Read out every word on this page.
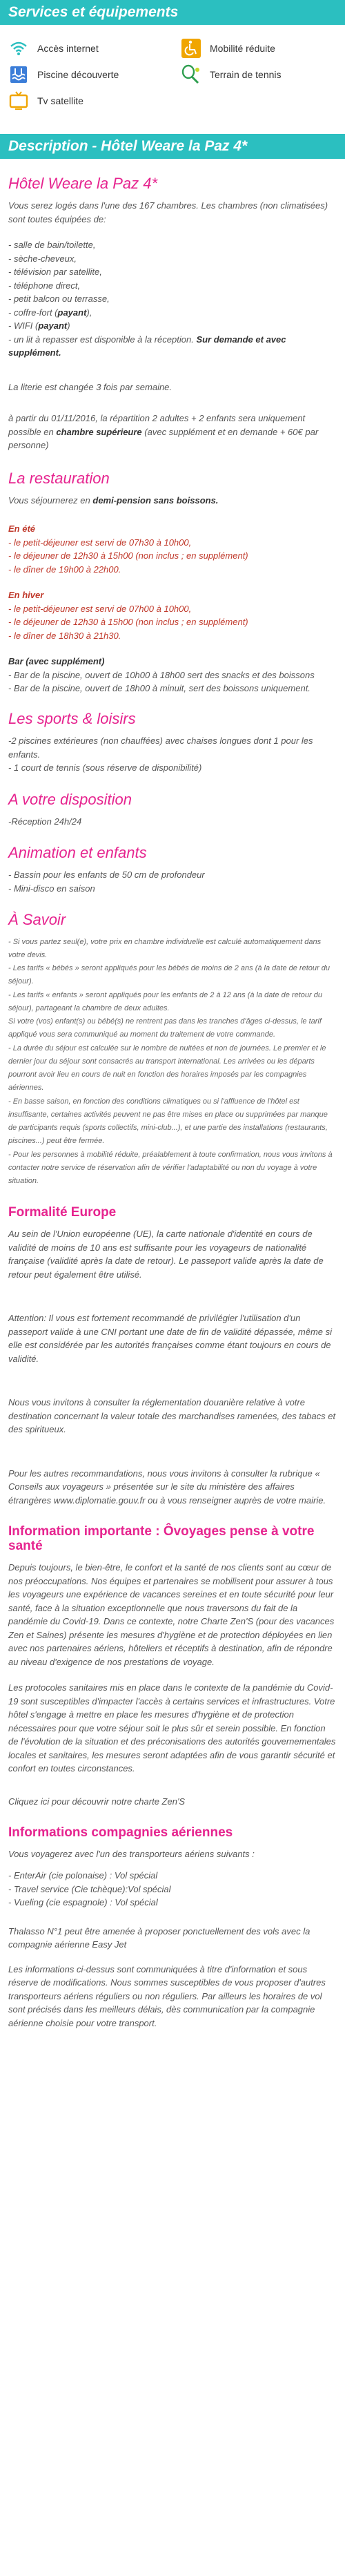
Services et équipements
Accès internet	Mobilité réduite
Piscine découverte	Terrain de tennis
Tv satellite
Description - Hôtel Weare la Paz 4*
Hôtel Weare la Paz 4*

Vous serez logés dans l'une des 167 chambres. Les chambres (non climatisées) sont toutes équipées de:

- salle de bain/toilette,
- sèche-cheveux,
- télévision par satellite,
- téléphone direct,
- petit balcon ou terrasse,
- coffre-fort (payant),
- WIFI (payant)
- un lit à repasser est disponible à la réception. Sur demande et avec supplément.

La literie est changée 3 fois par semaine.

à partir du 01/11/2016, la répartition 2 adultes + 2 enfants sera uniquement possible en chambre supérieure (avec supplément et en demande + 60€ par personne)

La restauration

Vous séjournerez en demi-pension sans boissons.

En été
- le petit-déjeuner est servi de 07h30 à 10h00,
- le déjeuner de 12h30 à 15h00 (non inclus ; en supplément)
- le dîner de 19h00 à 22h00.
En hiver
- le petit-déjeuner est servi de 07h00 à 10h00,
- le déjeuner de 12h30 à 15h00 (non inclus ; en supplément)
- le dîner de 18h30 à 21h30.
Bar (avec supplément)
- Bar de la piscine, ouvert de 10h00 à 18h00 sert des snacks et des boissons
- Bar de la piscine, ouvert de 18h00 à minuit, sert des boissons uniquement.
Les sports & loisirs
-2 piscines extérieures (non chauffées) avec chaises longues dont 1 pour les enfants.
- 1 court de tennis (sous réserve de disponibilité)
A votre disposition
-Réception 24h/24
Animation et enfants
- Bassin pour les enfants de 50 cm de profondeur
- Mini-disco en saison
À Savoir
- Si vous partez seul(e), votre prix en chambre individuelle est calculé automatiquement dans votre devis.
- Les tarifs « bébés » seront appliqués pour les bébés de moins de 2 ans (à la date de retour du séjour).
- Les tarifs « enfants » seront appliqués pour les enfants de 2 à 12 ans (à la date de retour du séjour), partageant la chambre de deux adultes.
Si votre (vos) enfant(s) ou bébé(s) ne rentrent pas dans les tranches d'âges ci-dessus, le tarif appliqué vous sera communiqué au moment du traitement de votre commande.
- La durée du séjour est calculée sur le nombre de nuitées et non de journées. Le premier et le dernier jour du séjour sont consacrés au transport international. Les arrivées ou les départs pourront avoir lieu en cours de nuit en fonction des horaires imposés par les compagnies aériennes.
- En basse saison, en fonction des conditions climatiques ou si l'affluence de l'hôtel est insuffisante, certaines activités peuvent ne pas être mises en place ou supprimées par manque de participants requis (sports collectifs, mini-club...), et une partie des installations (restaurants, piscines...) peut être fermée.
- Pour les personnes à mobilité réduite, préalablement à toute confirmation, nous vous invitons à contacter notre service de réservation afin de vérifier l'adaptabilité ou non du voyage à votre situation.
Formalité Europe

Au sein de l'Union européenne (UE), la carte nationale d'identité en cours de validité de moins de 10 ans est suffisante pour les voyageurs de nationalité française (validité après la date de retour). Le passeport valide après la date de retour peut également être utilisé.

Attention: Il vous est fortement recommandé de privilégier l'utilisation d'un passeport valide à une CNI portant une date de fin de validité dépassée, même si elle est considérée par les autorités françaises comme étant toujours en cours de validité.

Nous vous invitons à consulter la réglementation douanière relative à votre destination concernant la valeur totale des marchandises ramenées, des tabacs et des spiritueux.

Pour les autres recommandations, nous vous invitons à consulter la rubrique « Conseils aux voyageurs » présentée sur le site du ministère des affaires étrangères www.diplomatie.gouv.fr ou à vous renseigner auprès de votre mairie.

Information importante : Ôvoyages pense à votre santé

Depuis toujours, le bien-être, le confort et la santé de nos clients sont au cœur de nos préoccupations. Nos équipes et partenaires se mobilisent pour assurer à tous les voyageurs une expérience de vacances sereines et en toute sécurité pour leur santé, face à la situation exceptionnelle que nous traversons du fait de la pandémie du Covid-19. Dans ce contexte, notre Charte Zen'S (pour des vacances Zen et Saines) présente les mesures d'hygiène et de protection déployées en lien avec nos partenaires aériens, hôteliers et réceptifs à destination, afin de répondre au niveau d'exigence de nos prestations de voyage.

Les protocoles sanitaires mis en place dans le contexte de la pandémie du Covid-19 sont susceptibles d'impacter l'accès à certains services et infrastructures. Votre hôtel s'engage à mettre en place les mesures d'hygiène et de protection nécessaires pour que votre séjour soit le plus sûr et serein possible. En fonction de l'évolution de la situation et des préconisations des autorités gouvernementales locales et sanitaires, les mesures seront adaptées afin de vous garantir sécurité et confort en toutes circonstances.

Cliquez ici pour découvrir notre charte Zen'S

Informations compagnies aériennes

Vous voyagerez avec l'un des transporteurs aériens suivants :

- EnterAir (cie polonaise) : Vol spécial
- Travel service (Cie tchèque):Vol spécial
- Vueling (cie espagnole) : Vol spécial

Thalasso N°1 peut être amenée à proposer ponctuellement des vols avec la compagnie aérienne Easy Jet

Les informations ci-dessus sont communiquées à titre d'information et sous réserve de modifications. Nous sommes susceptibles de vous proposer d'autres transporteurs aériens réguliers ou non réguliers. Par ailleurs les horaires de vol sont précisés dans les meilleurs délais, dès communication par la compagnie aérienne choisie pour votre transport.
